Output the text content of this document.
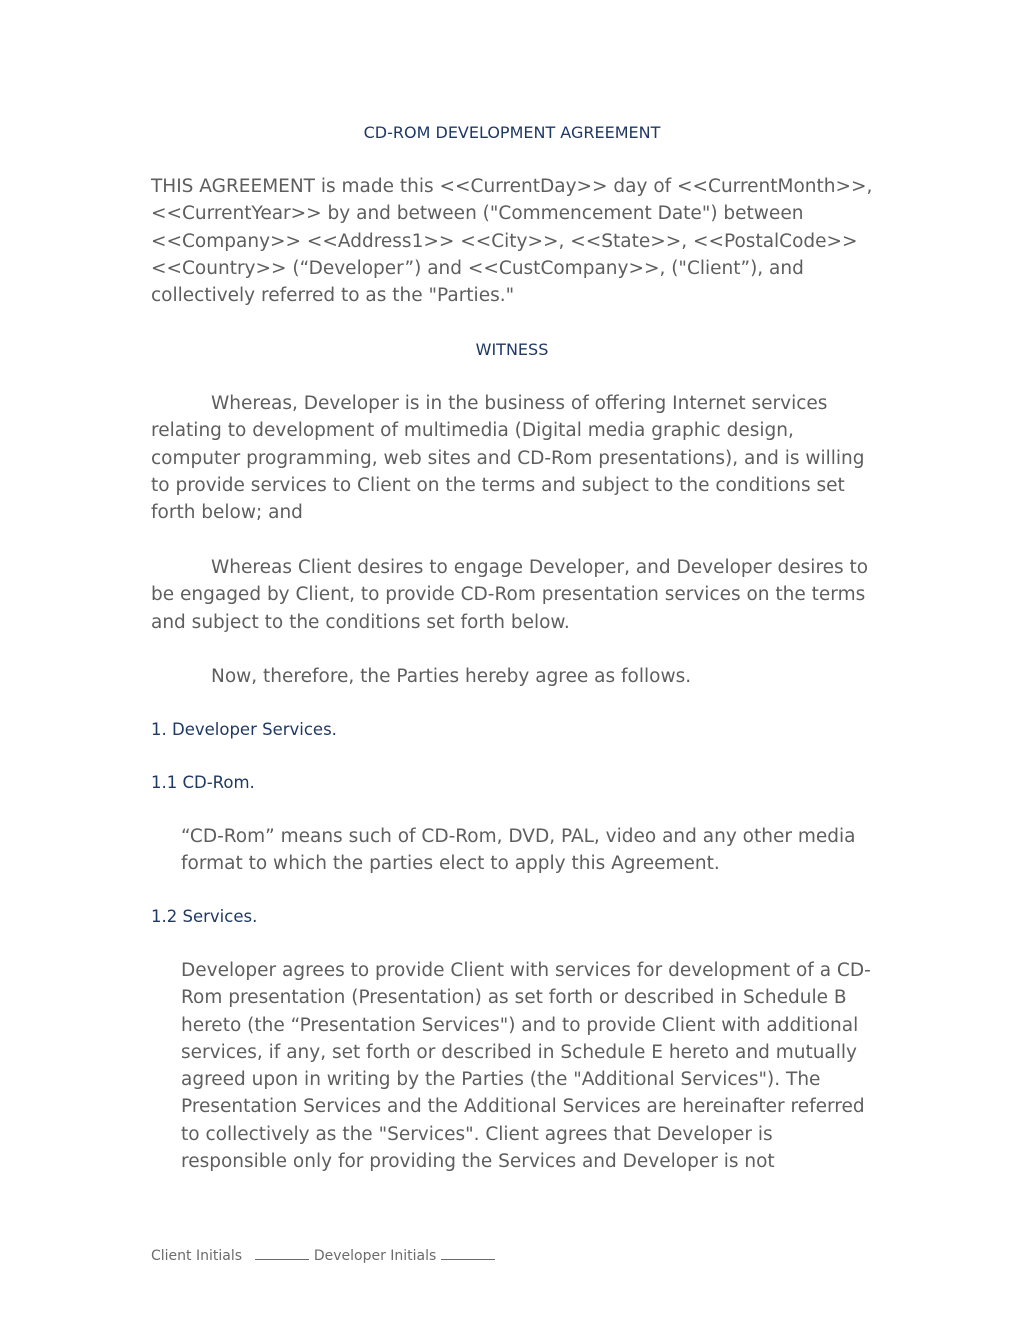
CD-ROM DEVELOPMENT AGREEMENT

THIS AGREEMENT is made this <<CurrentDay>> day of <<CurrentMonth>>, <<CurrentYear>> by and between ("Commencement Date") between <<Company>> <<Address1>> <<City>>, <<State>>, <<PostalCode>> <<Country>> (“Developer”) and <<CustCompany>>, ("Client”), and collectively referred to as the "Parties."

WITNESS

Whereas, Developer is in the business of offering Internet services relating to development of multimedia (Digital media graphic design, computer programming, web sites and CD-Rom presentations), and is willing to provide services to Client on the terms and subject to the conditions set forth below; and

Whereas Client desires to engage Developer, and Developer desires to be engaged by Client, to provide CD-Rom presentation services on the terms and subject to the conditions set forth below.

Now, therefore, the Parties hereby agree as follows.

1. Developer Services.
1.1 CD-Rom.

“CD-Rom” means such of CD-Rom, DVD, PAL, video and any other media format to which the parties elect to apply this Agreement.

1.2 Services.

Developer agrees to provide Client with services for development of a CD-Rom presentation (Presentation) as set forth or described in Schedule B hereto (the “Presentation Services") and to provide Client with additional services, if any, set forth or described in Schedule E hereto and mutually agreed upon in writing by the Parties (the "Additional Services"). The Presentation Services and the Additional Services are hereinafter referred to collectively as the "Services". Client agrees that Developer is responsible only for providing the Services and Developer is not

Client Initials	Developer Initials
